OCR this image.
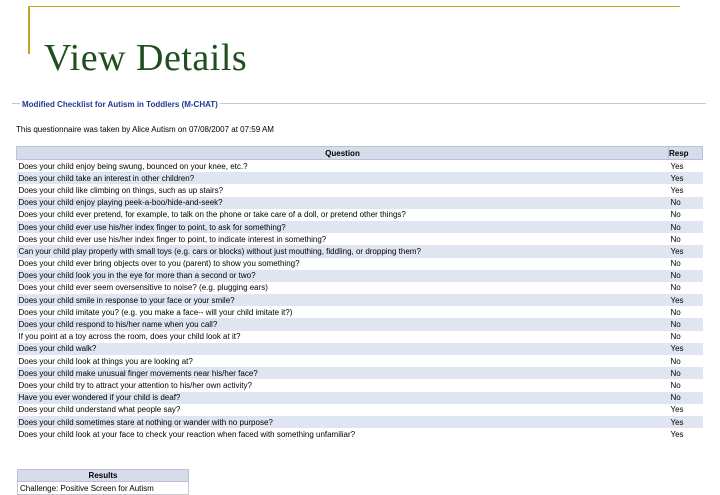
View Details
Modified Checklist for Autism in Toddlers (M-CHAT)
This questionnaire was taken by Alice Autism on 07/08/2007 at 07:59 AM
Question	Resp
Does your child enjoy being swung, bounced on your knee, etc.?	Yes
Does your child take an interest in other children?	Yes
Does your child like climbing on things, such as up stairs?	Yes
Does your child enjoy playing peek-a-boo/hide-and-seek?	No
Does your child ever pretend, for example, to talk on the phone or take care of a doll, or pretend other things?	No
Does your child ever use his/her index finger to point, to ask for something?	No
Does your child ever use his/her index finger to point, to indicate interest in something?	No
Can your child play properly with small toys (e.g. cars or blocks) without just mouthing, fiddling, or dropping them?	Yes
Does your child ever bring objects over to you (parent) to show you something?	No
Does your child look you in the eye for more than a second or two?	No
Does your child ever seem oversensitive to noise? (e.g. plugging ears)	No
Does your child smile in response to your face or your smile?	Yes
Does your child imitate you? (e.g. you make a face-- will your child imitate it?)	No
Does your child respond to his/her name when you call?	No
If you point at a toy across the room, does your child look at it?	No
Does your child walk?	Yes
Does your child look at things you are looking at?	No
Does your child make unusual finger movements near his/her face?	No
Does your child try to attract your attention to his/her own activity?	No
Have you ever wondered if your child is deaf?	No
Does your child understand what people say?	Yes
Does your child sometimes stare at nothing or wander with no purpose?	Yes
Does your child look at your face to check your reaction when faced with something unfamiliar?	Yes
Results
Challenge: Positive Screen for Autism
